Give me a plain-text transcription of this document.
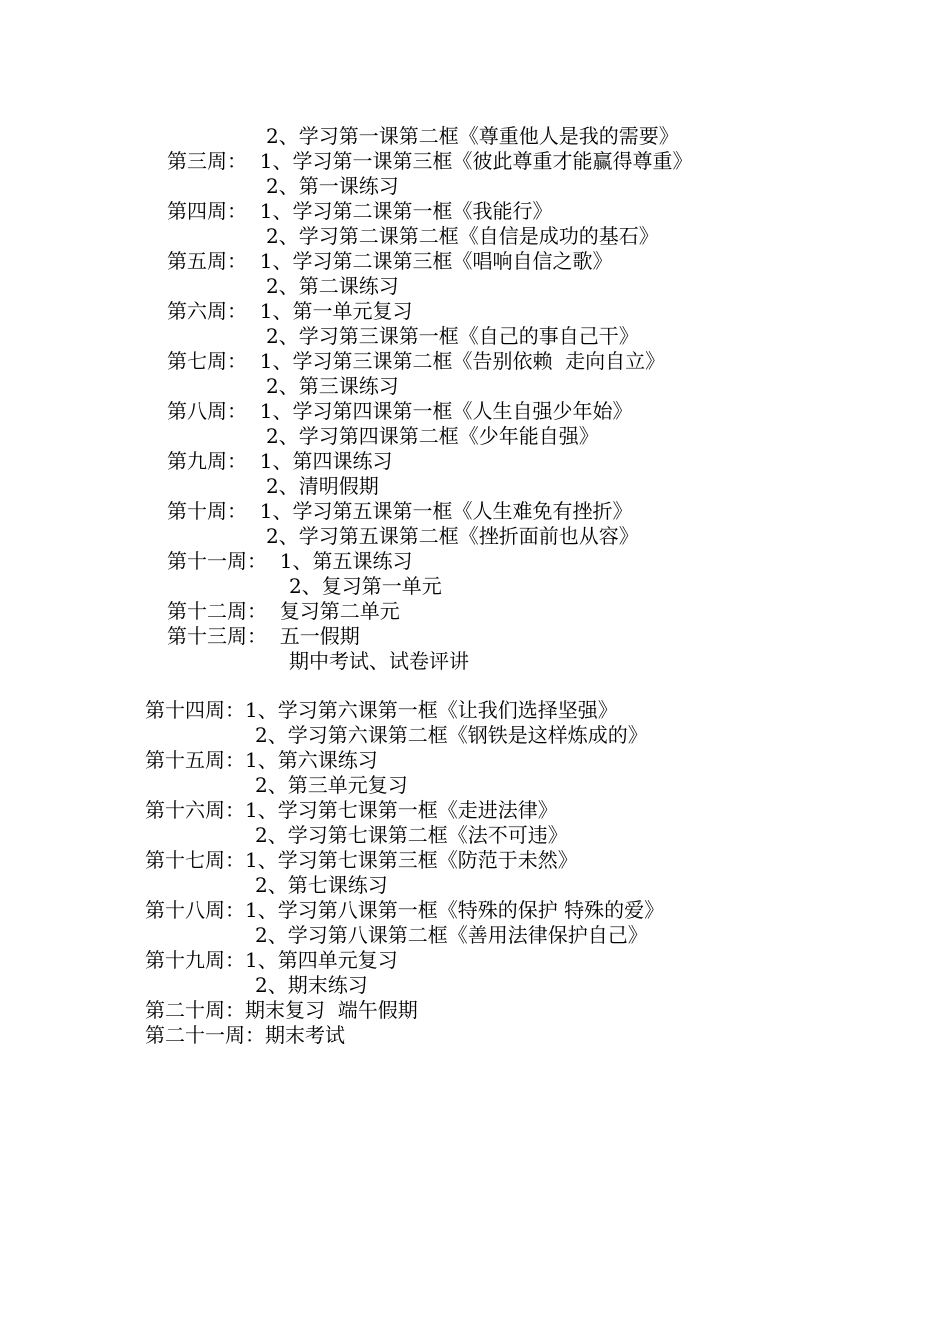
2、学习第一课第二框《尊重他人是我的需要》
第三周：  1、学习第一课第三框《彼此尊重才能赢得尊重》
2、第一课练习
第四周：  1、学习第二课第一框《我能行》
2、学习第二课第二框《自信是成功的基石》
第五周：  1、学习第二课第三框《唱响自信之歌》
2、第二课练习
第六周：  1、第一单元复习
2、学习第三课第一框《自己的事自己干》
第七周：  1、学习第三课第二框《告别依赖  走向自立》
2、第三课练习
第八周：  1、学习第四课第一框《人生自强少年始》
2、学习第四课第二框《少年能自强》
第九周：  1、第四课练习
2、清明假期
第十周：  1、学习第五课第一框《人生难免有挫折》
2、学习第五课第二框《挫折面前也从容》
第十一周：  1、第五课练习
2、复习第一单元
第十二周：  复习第二单元
第十三周：  五一假期
期中考试、试卷评讲
第十四周：1、学习第六课第一框《让我们选择坚强》
2、学习第六课第二框《钢铁是这样炼成的》
第十五周：1、第六课练习
2、第三单元复习
第十六周：1、学习第七课第一框《走进法律》
2、学习第七课第二框《法不可违》
第十七周：1、学习第七课第三框《防范于未然》
2、第七课练习
第十八周：1、学习第八课第一框《特殊的保护 特殊的爱》
2、学习第八课第二框《善用法律保护自己》
第十九周：1、第四单元复习
2、期末练习
第二十周：期末复习  端午假期
第二十一周：期末考试
